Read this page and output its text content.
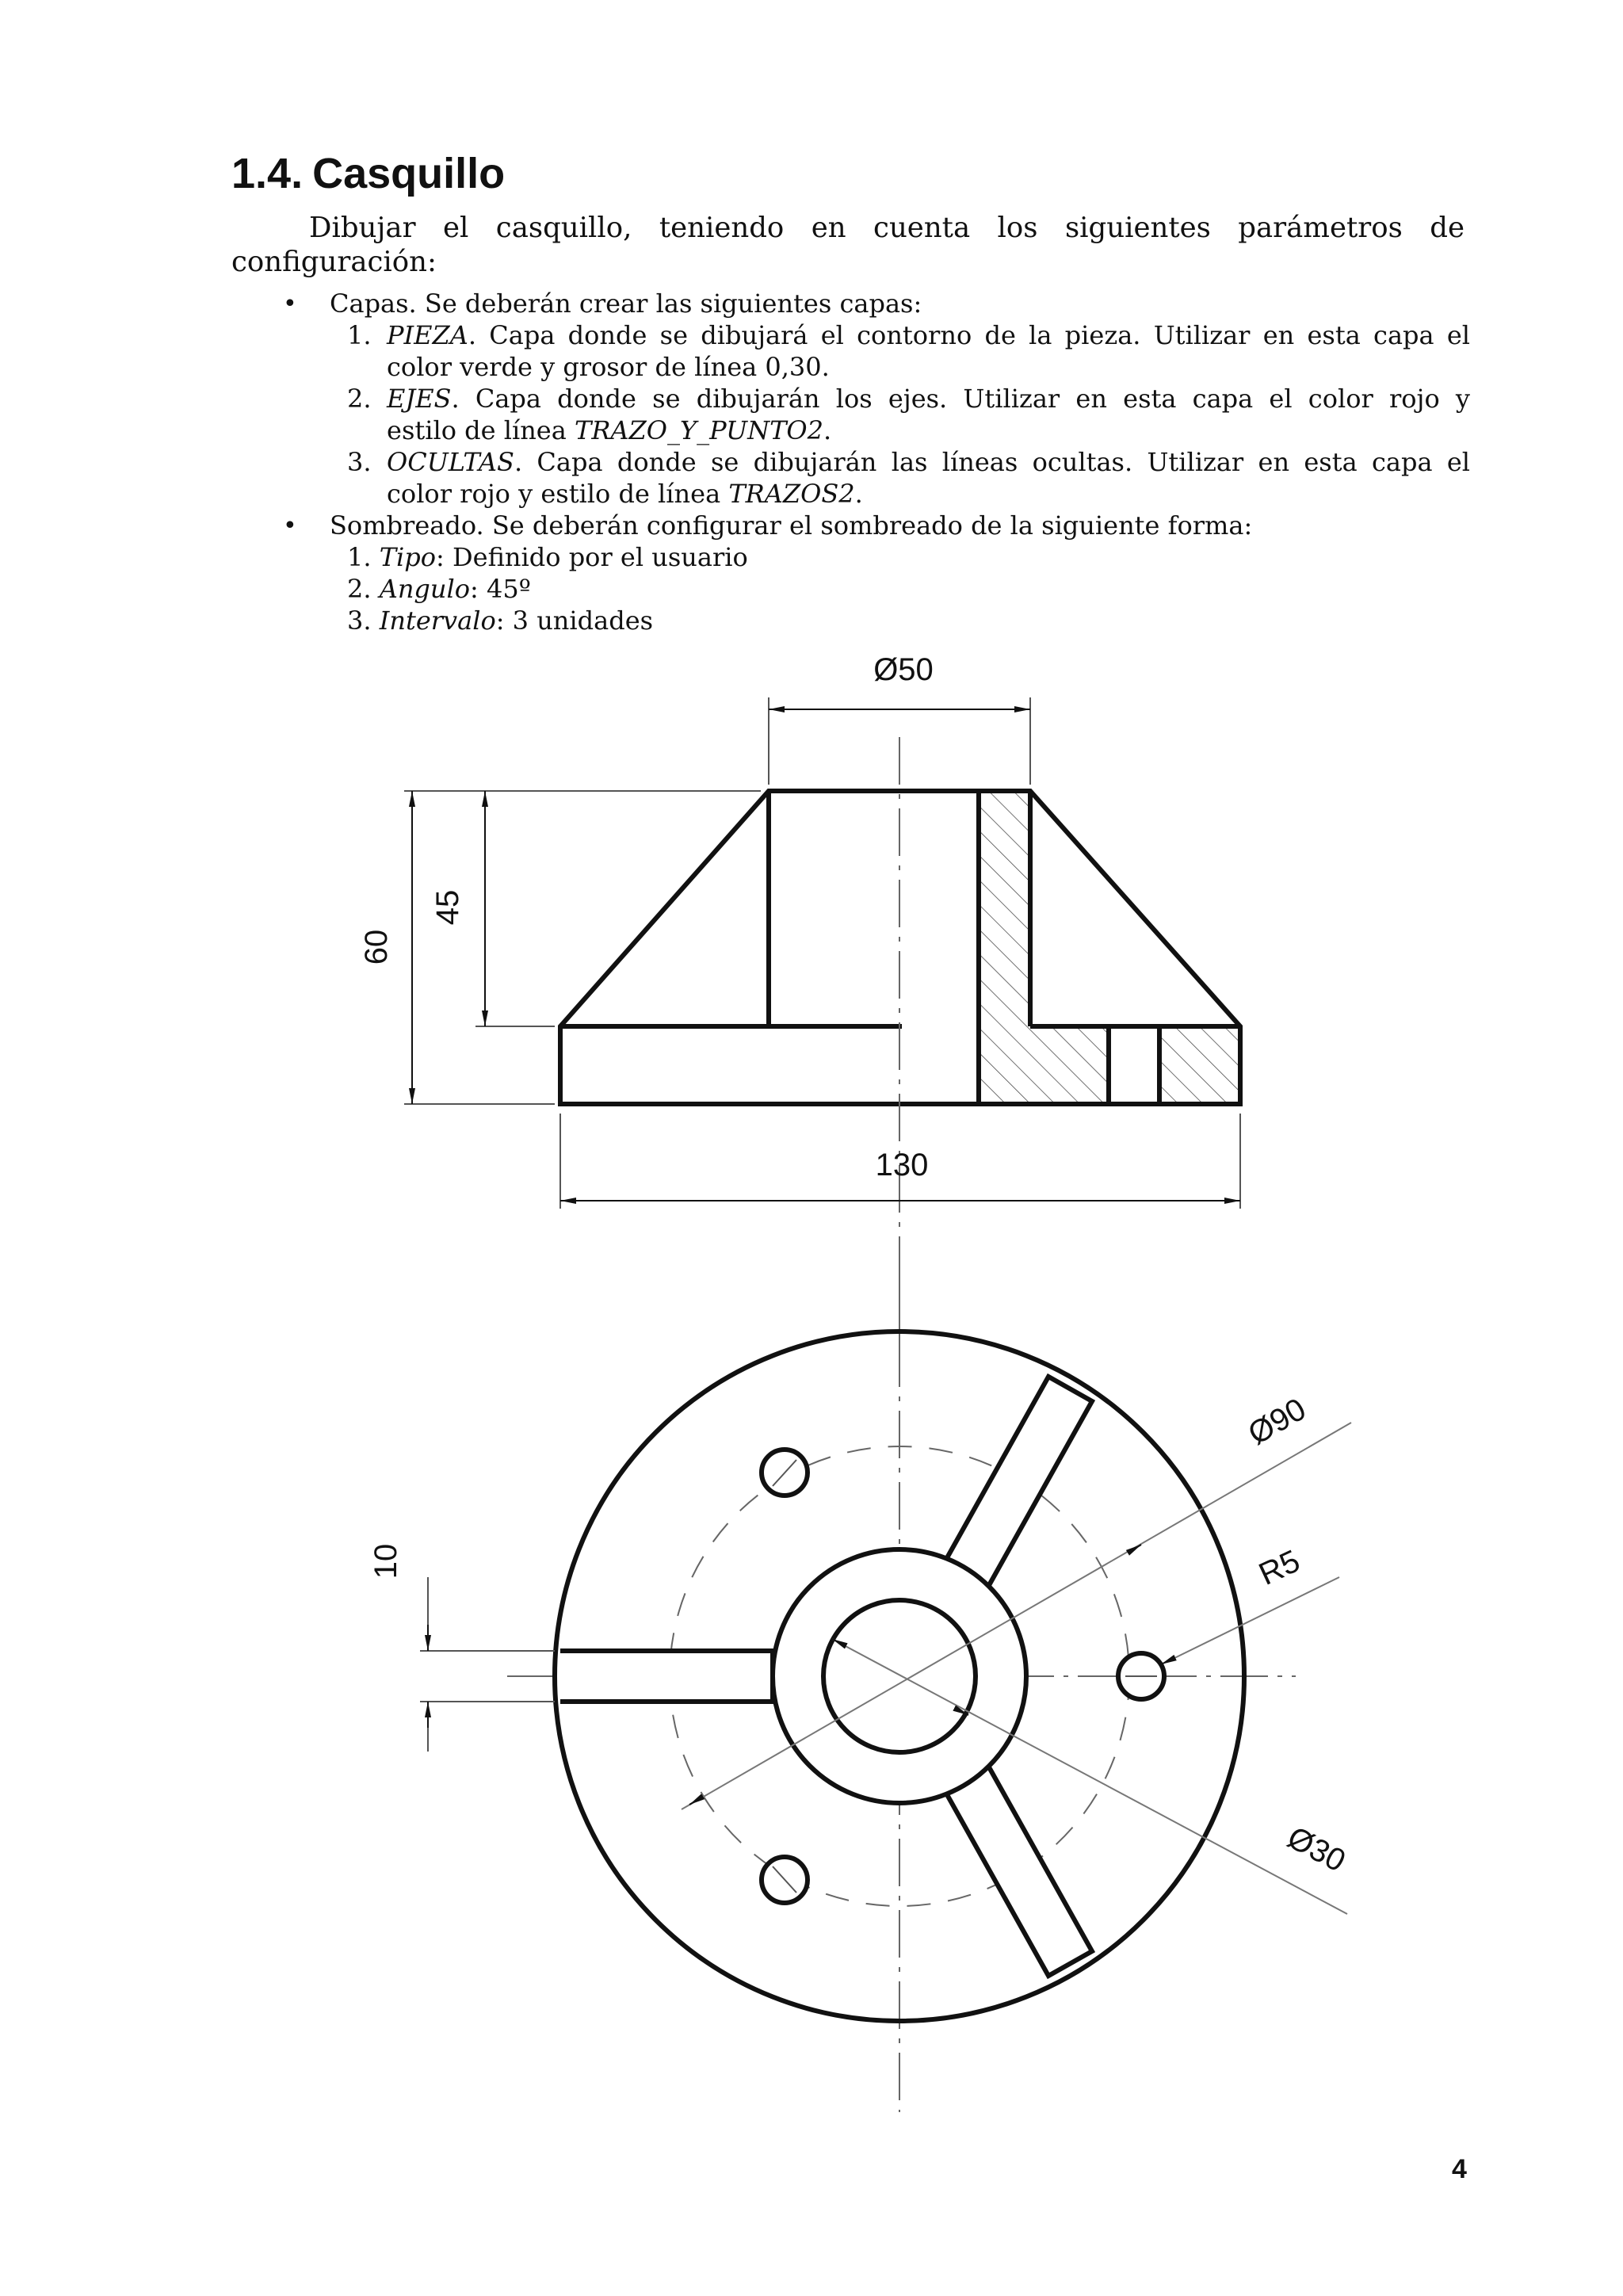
1.4. Casquillo
Dibujar el casquillo, teniendo en cuenta los siguientes parámetros de configuración:
• Capas. Se deberán crear las siguientes capas:
1. PIEZA. Capa donde se dibujará el contorno de la pieza. Utilizar en esta capa el
color verde y grosor de línea 0,30.
2. EJES. Capa donde se dibujarán los ejes. Utilizar en esta capa el color rojo y
estilo de línea TRAZO_Y_PUNTO2.
3. OCULTAS. Capa donde se dibujarán las líneas ocultas. Utilizar en esta capa el
color rojo y estilo de línea TRAZOS2.
• Sombreado. Se deberán configurar el sombreado de la siguiente forma:
1. Tipo: Definido por el usuario
2. Angulo: 45º
3. Intervalo: 3 unidades
Ø50
60
45
130
10
Ø90
R5
Ø30
4
